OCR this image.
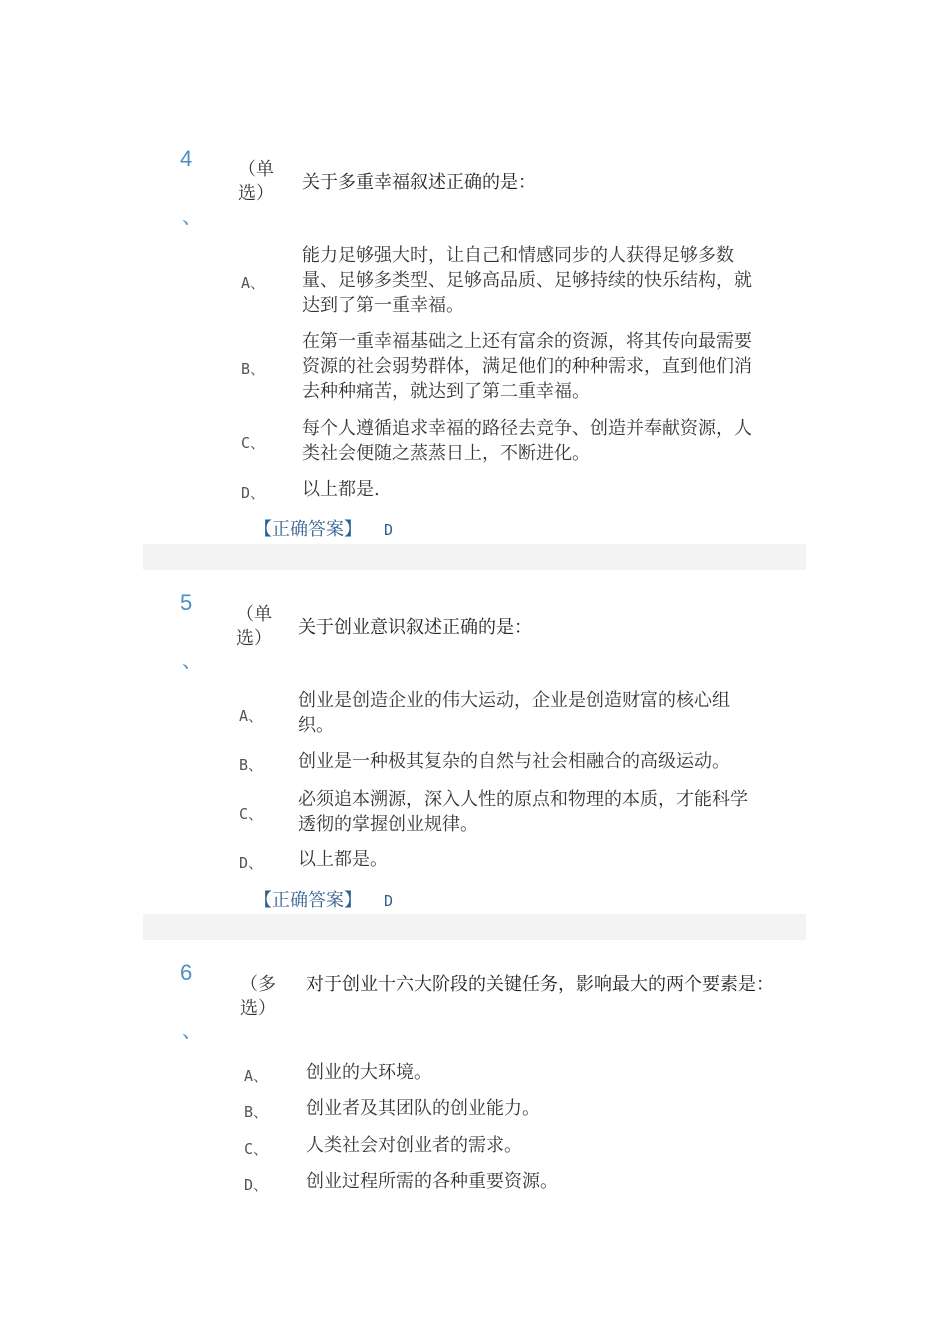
4
、
（单选）
关于多重幸福叙述正确的是：
A、
能力足够强大时，让自己和情感同步的人获得足够多数量、足够多类型、足够高品质、足够持续的快乐结构，就达到了第一重幸福。
B、
在第一重幸福基础之上还有富余的资源，将其传向最需要资源的社会弱势群体，满足他们的种种需求，直到他们消去种种痛苦，就达到了第二重幸福。
C、
每个人遵循追求幸福的路径去竞争、创造并奉献资源，人类社会便随之蒸蒸日上，不断进化。
D、 以上都是.
【正确答案】 D
5
、
（单选）
关于创业意识叙述正确的是：
A、
创业是创造企业的伟大运动，企业是创造财富的核心组织。
B、 创业是一种极其复杂的自然与社会相融合的高级运动。
C、
必须追本溯源，深入人性的原点和物理的本质，才能科学透彻的掌握创业规律。
D、 以上都是。
【正确答案】 D
6
、
（多选）
对于创业十六大阶段的关键任务，影响最大的两个要素是：
A、 创业的大环境。
B、 创业者及其团队的创业能力。
C、 人类社会对创业者的需求。
D、 创业过程所需的各种重要资源。
